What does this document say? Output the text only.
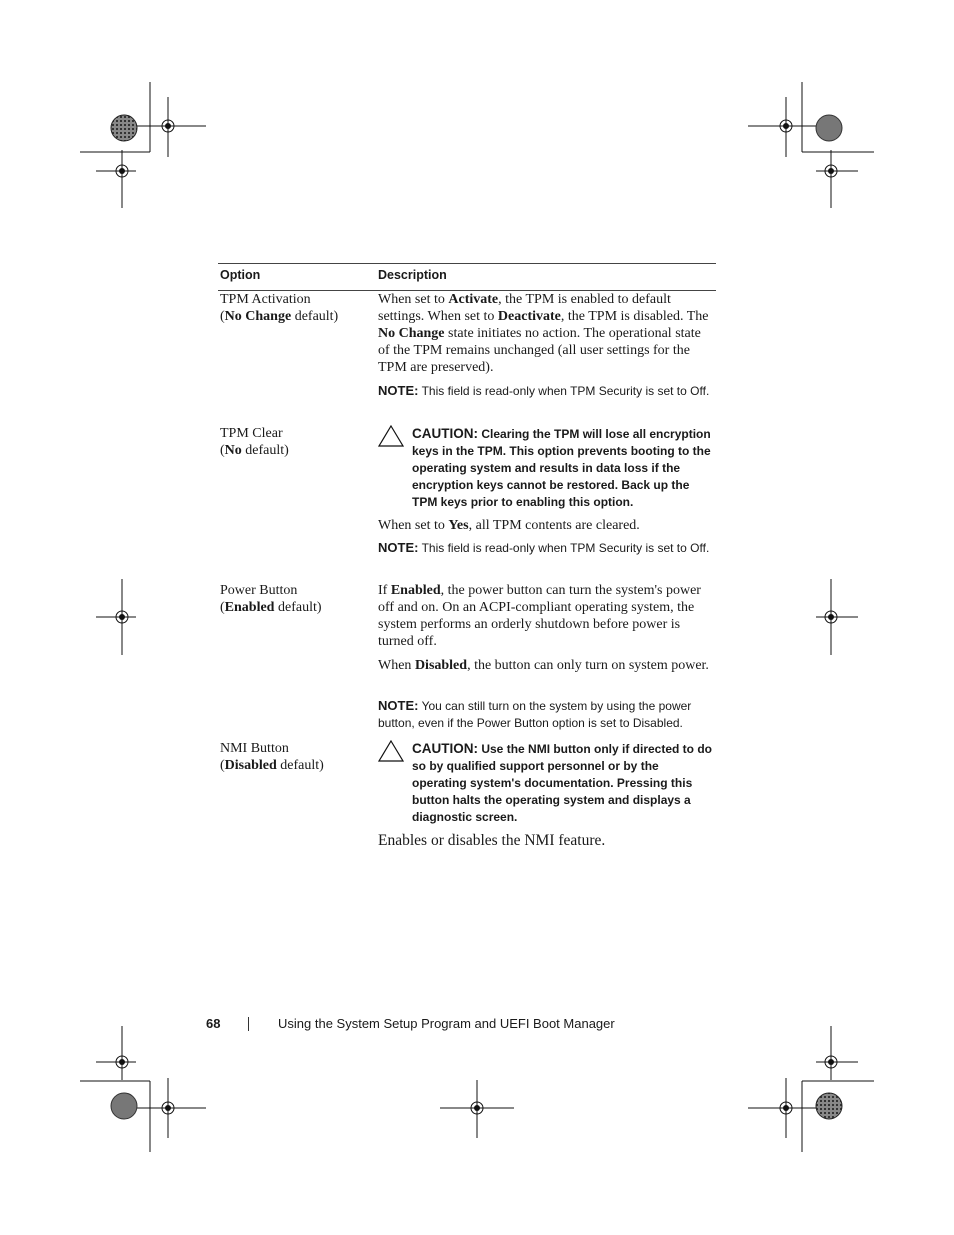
Option	Description
TPM Activation
(No Change default)
When set to Activate, the TPM is enabled to default settings. When set to Deactivate, the TPM is disabled. The No Change state initiates no action. The operational state of the TPM remains unchanged (all user settings for the TPM are preserved).
NOTE: This field is read-only when TPM Security is set to Off.
TPM Clear
(No default)
CAUTION: Clearing the TPM will lose all encryption keys in the TPM. This option prevents booting to the operating system and results in data loss if the encryption keys cannot be restored. Back up the TPM keys prior to enabling this option.
When set to Yes, all TPM contents are cleared.
NOTE: This field is read-only when TPM Security is set to Off.
Power Button
(Enabled default)
If Enabled, the power button can turn the system's power off and on. On an ACPI-compliant operating system, the system performs an orderly shutdown before power is turned off.
When Disabled, the button can only turn on system power.
NOTE: You can still turn on the system by using the power button, even if the Power Button option is set to Disabled.
NMI Button
(Disabled default)
CAUTION: Use the NMI button only if directed to do so by qualified support personnel or by the operating system's documentation. Pressing this button halts the operating system and displays a diagnostic screen.
Enables or disables the NMI feature.
68	Using the System Setup Program and UEFI Boot Manager
